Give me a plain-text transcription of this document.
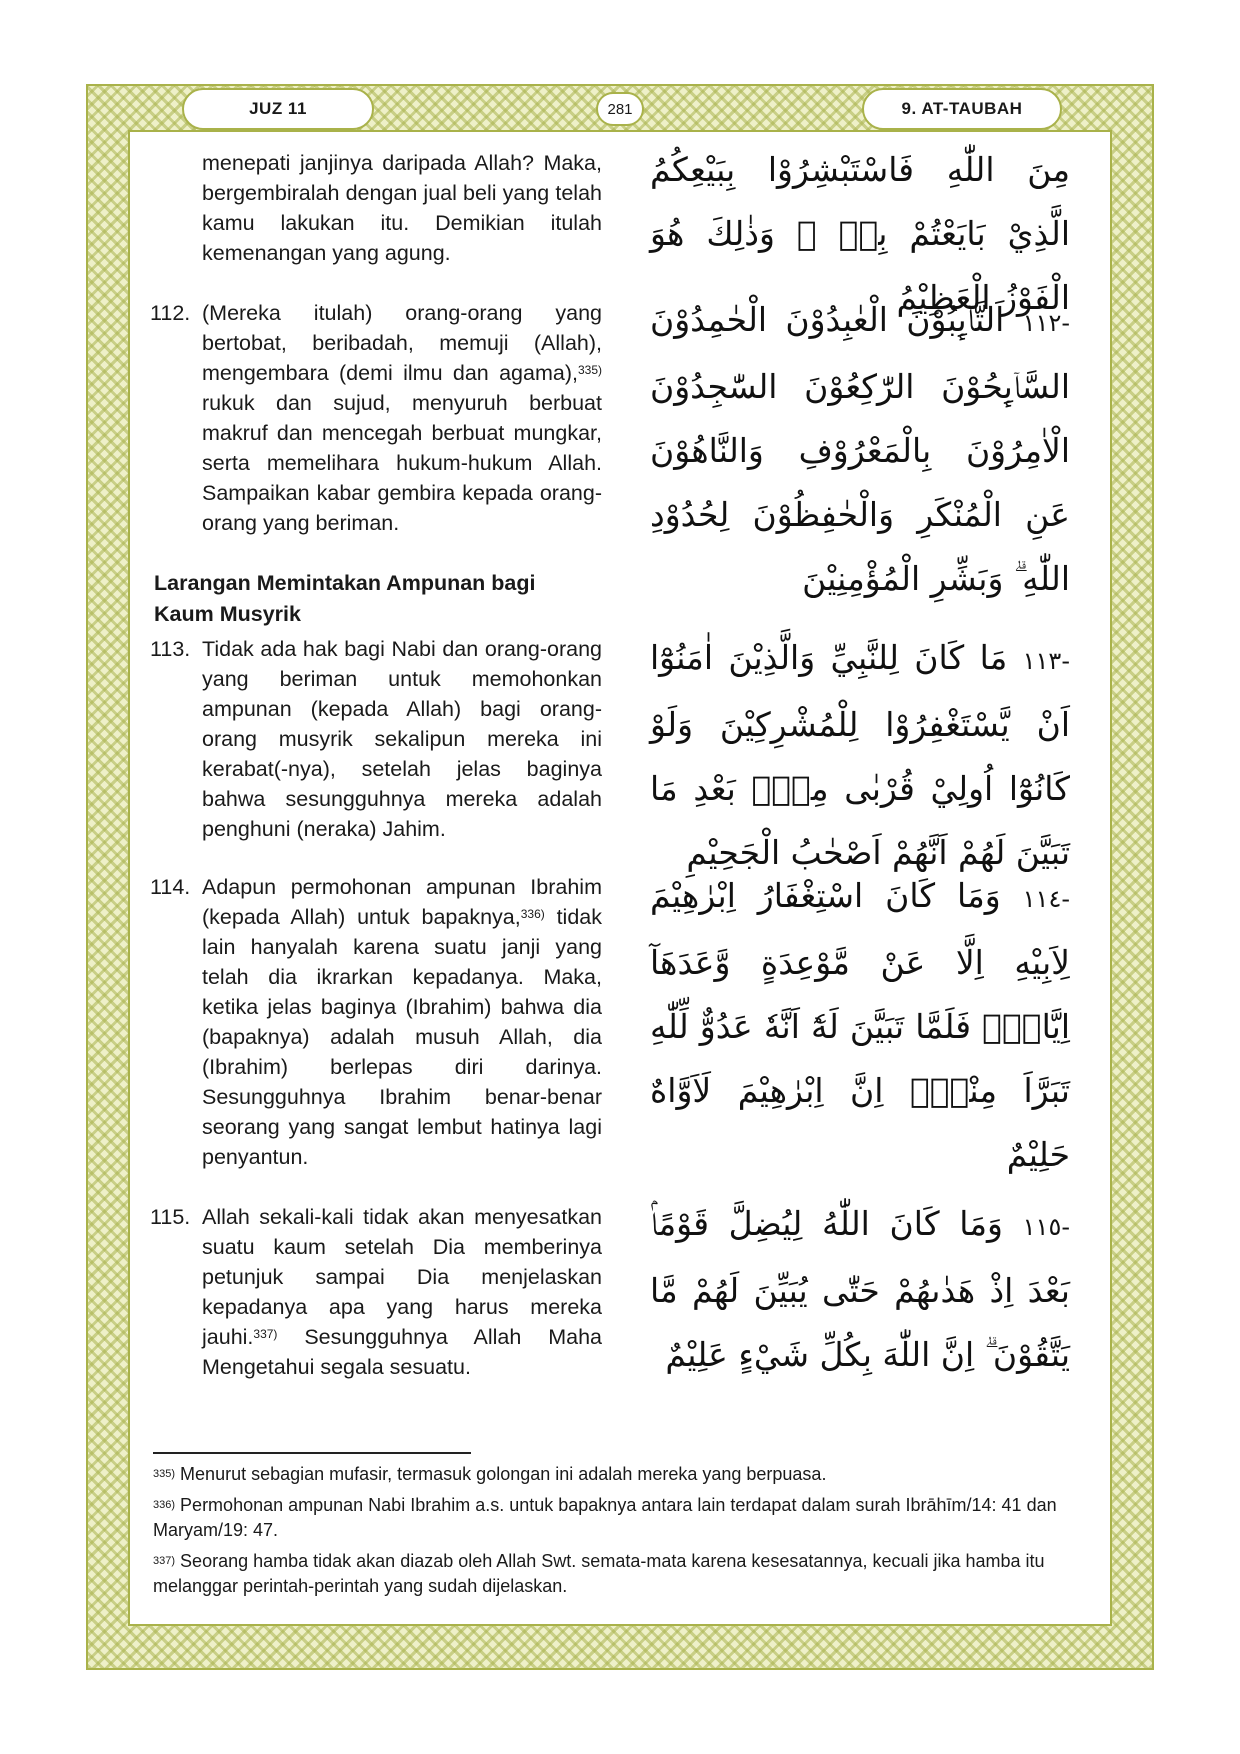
JUZ 11	281	9. AT-TAUBAH
menepati janjinya daripada Allah? Maka, bergembiralah dengan jual beli yang telah kamu lakukan itu. Demikian itulah kemenangan yang agung.
مِنَ اللّٰهِ فَاسْتَبْشِرُوْا بِبَيْعِكُمُ الَّذِيْ بَايَعْتُمْ بِهٖ ۗ وَذٰلِكَ هُوَ الْفَوْزُ الْعَظِيْمُ
112. (Mereka itulah) orang-orang yang bertobat, beribadah, memuji (Allah), mengembara (demi ilmu dan agama),$^{335)}$ rukuk dan sujud, menyuruh berbuat makruf dan mencegah berbuat mungkar, serta memelihara hukum-hukum Allah. Sampaikan kabar gembira kepada orang-orang yang beriman.
-١١٢ اَلتَّاۤىِٕبُوْنَ الْعٰبِدُوْنَ الْحٰمِدُوْنَ السَّاۤىِٕحُوْنَ الرّٰكِعُوْنَ السّٰجِدُوْنَ الْاٰمِرُوْنَ بِالْمَعْرُوْفِ وَالنَّاهُوْنَ عَنِ الْمُنْكَرِ وَالْحٰفِظُوْنَ لِحُدُوْدِ اللّٰهِ ۗ وَبَشِّرِ الْمُؤْمِنِيْنَ
Larangan Memintakan Ampunan bagi Kaum Musyrik
113. Tidak ada hak bagi Nabi dan orang-orang yang beriman untuk memohonkan ampunan (kepada Allah) bagi orang-orang musyrik sekalipun mereka ini kerabat(-nya), setelah jelas baginya bahwa sesungguhnya mereka adalah penghuni (neraka) Jahim.
-١١٣ مَا كَانَ لِلنَّبِيِّ وَالَّذِيْنَ اٰمَنُوْٓا اَنْ يَّسْتَغْفِرُوْا لِلْمُشْرِكِيْنَ وَلَوْ كَانُوْٓا اُولِيْ قُرْبٰى مِنْۢ بَعْدِ مَا تَبَيَّنَ لَهُمْ اَنَّهُمْ اَصْحٰبُ الْجَحِيْمِ
114. Adapun permohonan ampunan Ibrahim (kepada Allah) untuk bapaknya,$^{336)}$ tidak lain hanyalah karena suatu janji yang telah dia ikrarkan kepadanya. Maka, ketika jelas baginya (Ibrahim) bahwa dia (bapaknya) adalah musuh Allah, dia (Ibrahim) berlepas diri darinya. Sesungguhnya Ibrahim benar-benar seorang yang sangat lembut hatinya lagi penyantun.
-١١٤ وَمَا كَانَ اسْتِغْفَارُ اِبْرٰهِيْمَ لِاَبِيْهِ اِلَّا عَنْ مَّوْعِدَةٍ وَّعَدَهَآ اِيَّاهُۚ فَلَمَّا تَبَيَّنَ لَهٗٓ اَنَّهٗ عَدُوٌّ لِّلّٰهِ تَبَرَّاَ مِنْهُۗ اِنَّ اِبْرٰهِيْمَ لَاَوَّاهٌ حَلِيْمٌ
115. Allah sekali-kali tidak akan menyesatkan suatu kaum setelah Dia memberinya petunjuk sampai Dia menjelaskan kepadanya apa yang harus mereka jauhi.$^{337)}$ Sesungguhnya Allah Maha Mengetahui segala sesuatu.
-١١٥ وَمَا كَانَ اللّٰهُ لِيُضِلَّ قَوْمًاۢ بَعْدَ اِذْ هَدٰىهُمْ حَتّٰى يُبَيِّنَ لَهُمْ مَّا يَتَّقُوْنَ ۗ اِنَّ اللّٰهَ بِكُلِّ شَيْءٍ عَلِيْمٌ

$^{335)}$ Menurut sebagian mufasir, termasuk golongan ini adalah mereka yang berpuasa.

$^{336)}$ Permohonan ampunan Nabi Ibrahim a.s. untuk bapaknya antara lain terdapat dalam surah Ibrāhīm/14: 41 dan Maryam/19: 47.

$^{337)}$ Seorang hamba tidak akan diazab oleh Allah Swt. semata-mata karena kesesatannya, kecuali jika hamba itu melanggar perintah-perintah yang sudah dijelaskan.
